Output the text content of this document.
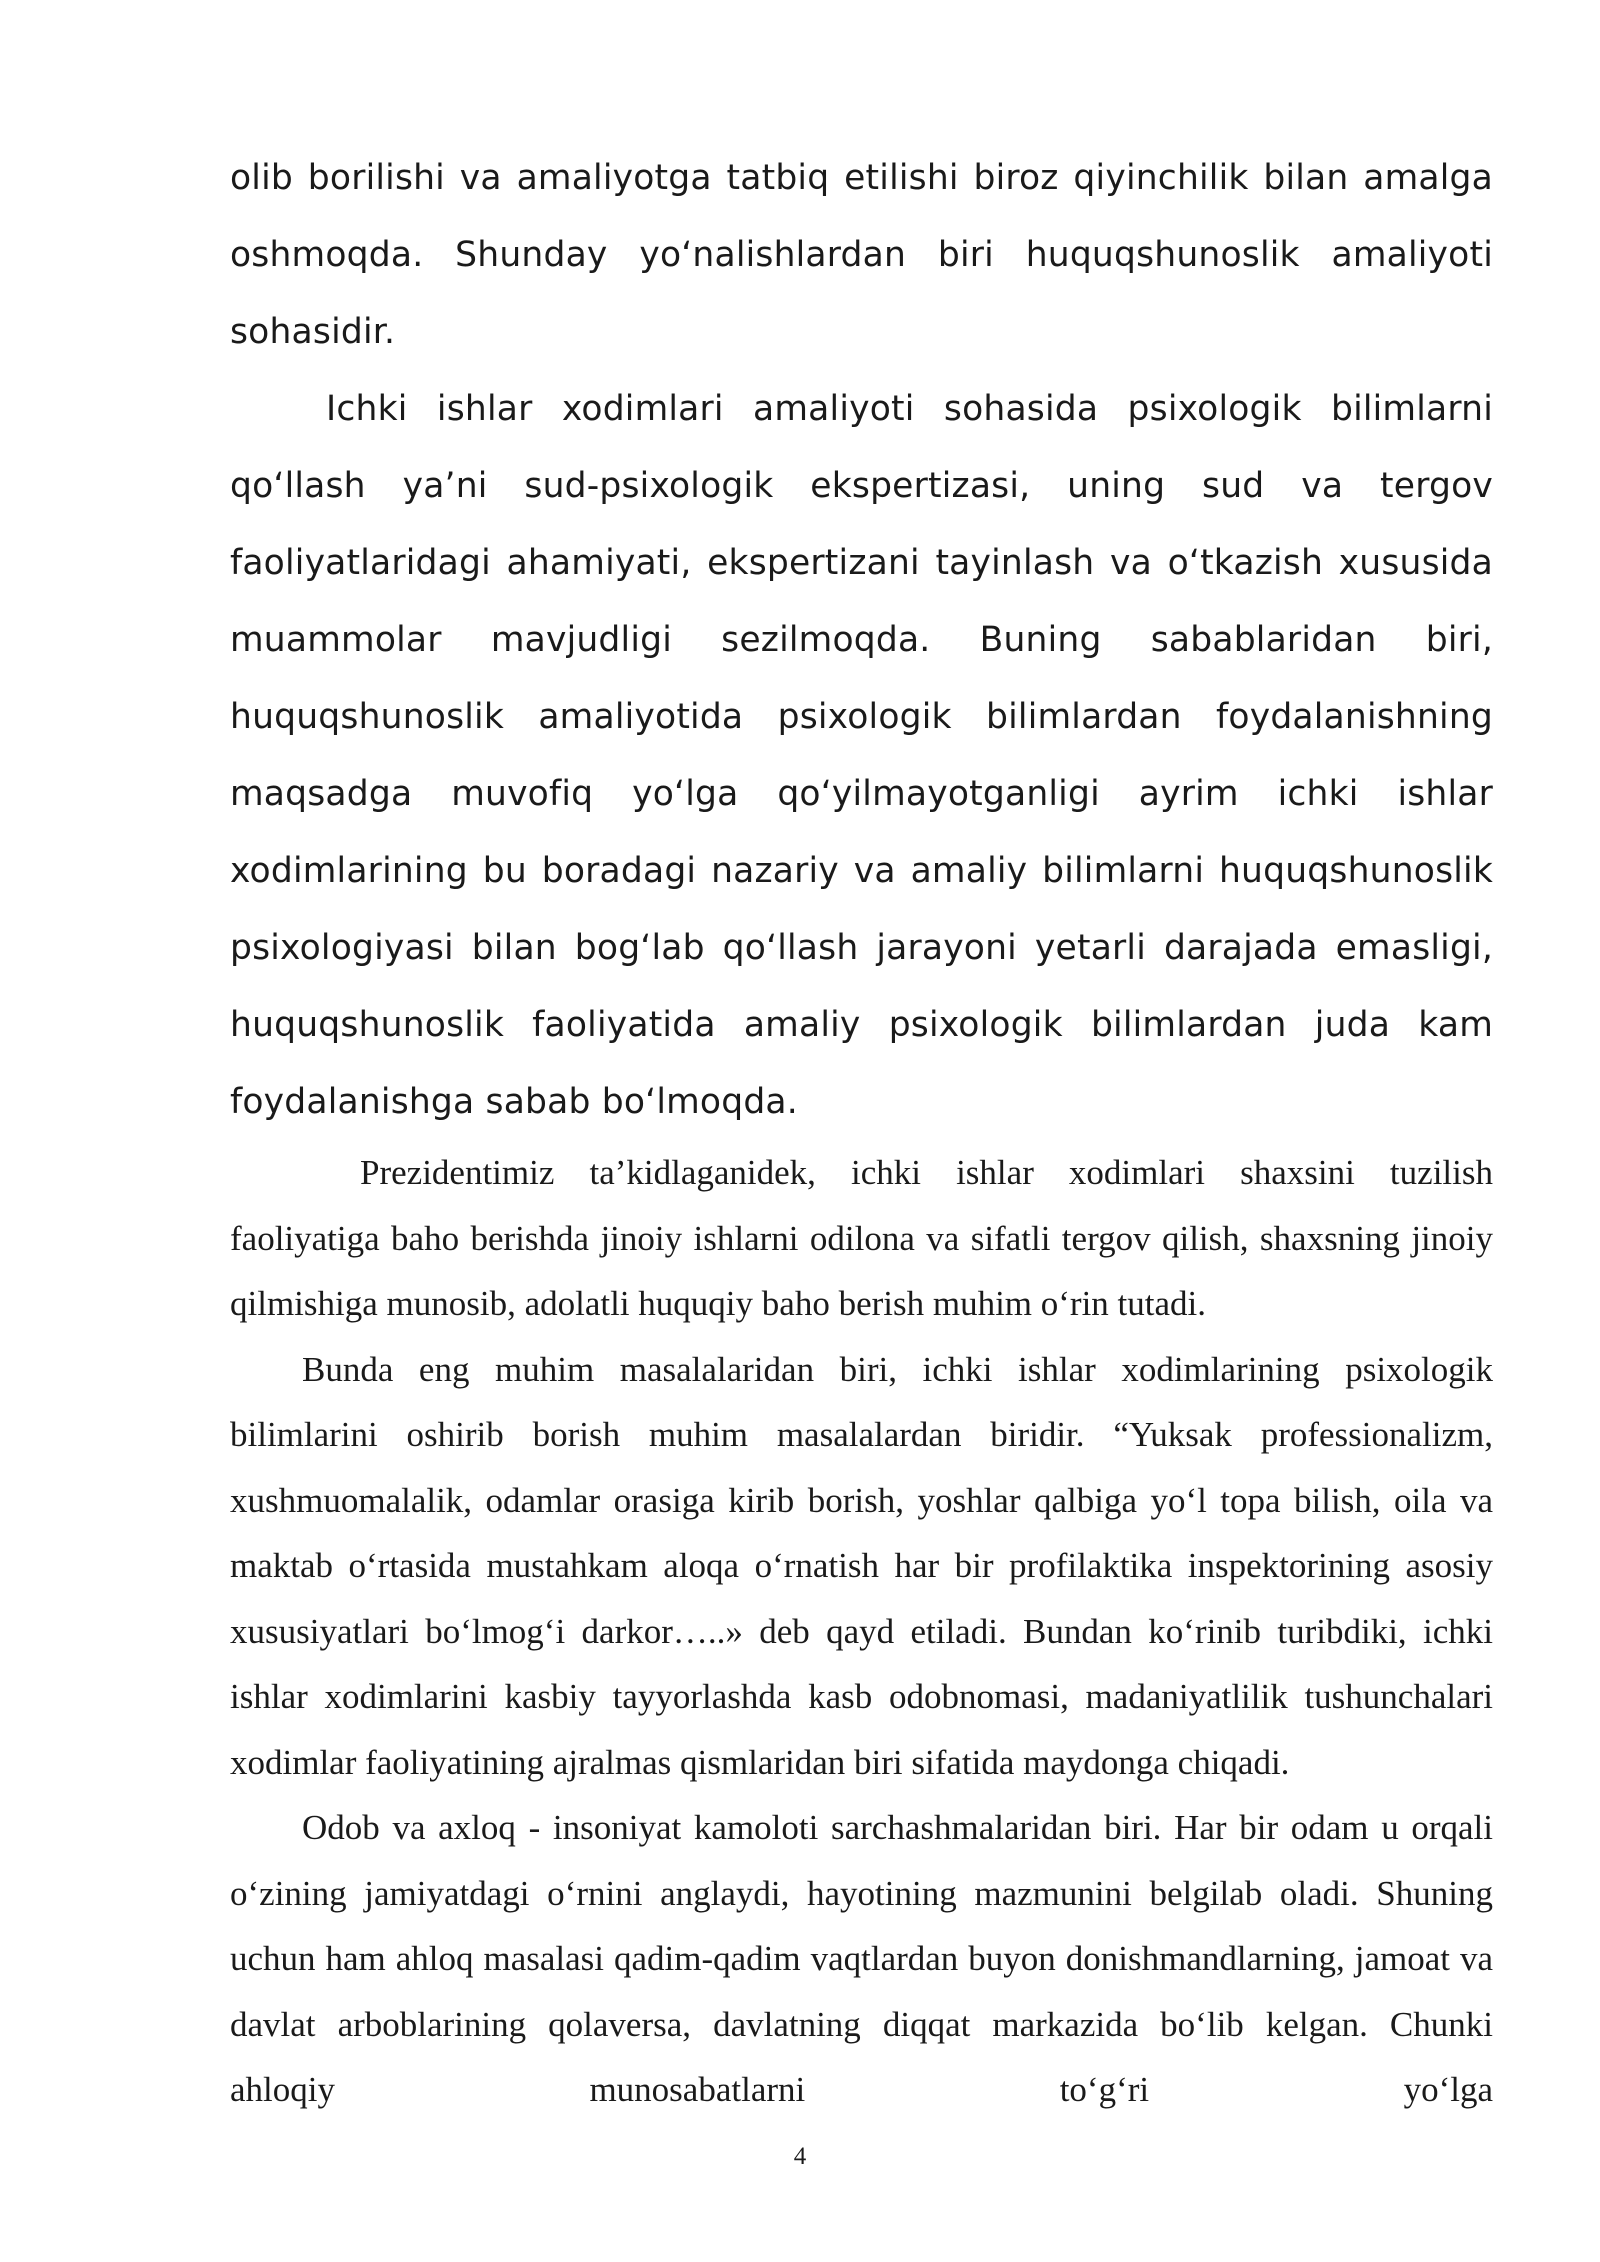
olib borilishi va amaliyotga tatbiq etilishi biroz qiyinchilik bilan amalga oshmoqda. Shunday yoʻnalishlardan biri huquqshunoslik amaliyoti sohasidir.

Ichki ishlar xodimlari amaliyoti sohasida psixologik bilimlarni qoʻllash yaʼni sud-psixologik ekspertizasi, uning sud va tergov faoliyatlaridagi ahamiyati, ekspertizani tayinlash va oʻtkazish xususida muammolar mavjudligi sezilmoqda. Buning sabablaridan biri, huquqshunoslik amaliyotida psixologik bilimlardan foydalanishning maqsadga muvofiq yoʻlga qoʻyilmayotganligi ayrim ichki ishlar xodimlarining bu boradagi nazariy va amaliy bilimlarni huquqshunoslik psixologiyasi bilan bogʻlab qoʻllash jarayoni yetarli darajada emasligi, huquqshunoslik faoliyatida amaliy psixologik bilimlardan juda kam foydalanishga sabab boʻlmoqda.

Prezidentimiz ta’kidlaganidek, ichki ishlar xodimlari shaxsini tuzilish faoliyatiga baho berishda jinoiy ishlarni odilona va sifatli tergov qilish, shaxsning jinoiy qilmishiga munosib, adolatli huquqiy baho berish muhim o‘rin tutadi.

Bunda eng muhim masalalaridan biri, ichki ishlar xodimlarining psixologik bilimlarini oshirib borish muhim masalalardan biridir. “Yuksak professionalizm, xushmuomalalik, odamlar orasiga kirib borish, yoshlar qalbiga yo‘l topa bilish, oila va maktab o‘rtasida mustahkam aloqa o‘rnatish har bir profilaktika inspektorining asosiy xususiyatlari bo‘lmog‘i darkor…..» deb qayd etiladi. Bundan ko‘rinib turibdiki, ichki ishlar xodimlarini kasbiy tayyorlashda kasb odobnomasi, madaniyatlilik tushunchalari xodimlar faoliyatining ajralmas qismlaridan biri sifatida maydonga chiqadi.

Odob va axloq - insoniyat kamoloti sarchashmalaridan biri. Har bir odam u orqali o‘zining jamiyatdagi o‘rnini anglaydi, hayotining mazmunini belgilab oladi. Shuning uchun ham ahloq masalasi qadim-qadim vaqtlardan buyon donishmandlarning, jamoat va davlat arboblarining qolaversa, davlatning diqqat markazida bo‘lib kelgan. Chunki ahloqiy munosabatlarni to‘g‘ri yo‘lga

4
